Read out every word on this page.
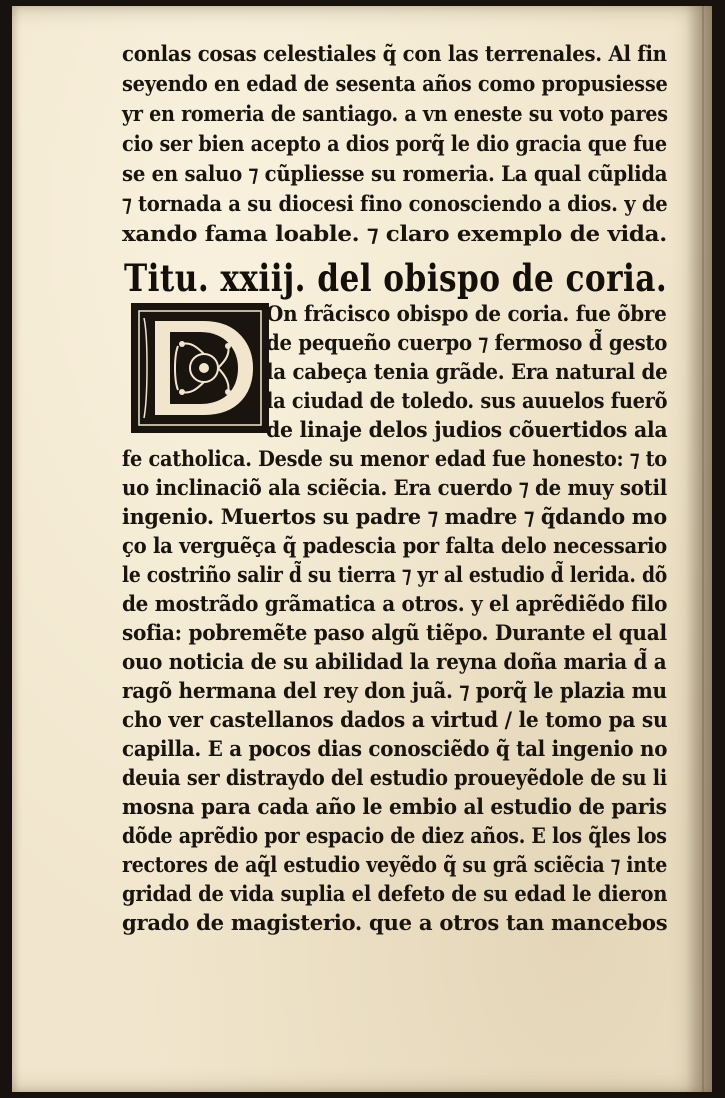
conlas cosas celestiales q̃ con las terrenales. Al fin
seyendo en edad de sesenta años como propusiesse
yr en romeria de santiago. a vn eneste su voto pares
cio ser bien acepto a dios porq̃ le dio gracia que fue
se en saluo ⁊ cũpliesse su romeria. La qual cũplida
⁊ tornada a su diocesi fino conosciendo a dios. y de
xando fama loable. ⁊ claro exemplo de vida.
Titu. xxiij. del obispo de coria.
On frãcisco obispo de coria. fue õbre
de pequeño cuerpo ⁊ fermoso d̃ gesto
la cabeça tenia grãde. Era natural de
la ciudad de toledo. sus auuelos fuerõ
de linaje delos judios cõuertidos ala
fe catholica. Desde su menor edad fue honesto: ⁊ to
uo inclinaciõ ala sciẽcia. Era cuerdo ⁊ de muy sotil
ingenio. Muertos su padre ⁊ madre ⁊ q̃dando mo
ço la verguẽça q̃ padescia por falta delo necessario
le costriño salir d̃ su tierra ⁊ yr al estudio d̃ lerida. dõ
de mostrãdo grãmatica a otros. y el aprẽdiẽdo filo
sofia: pobremẽte paso algũ tiẽpo. Durante el qual
ouo noticia de su abilidad la reyna doña maria d̃ a
ragõ hermana del rey don juã. ⁊ porq̃ le plazia mu
cho ver castellanos dados a virtud / le tomo pa su
capilla. E a pocos dias conosciẽdo q̃ tal ingenio no
deuia ser distraydo del estudio proueyẽdole de su li
mosna para cada año le embio al estudio de paris
dõde aprẽdio por espacio de diez años. E los q̃les los
rectores de aq̃l estudio veyẽdo q̃ su grã sciẽcia ⁊ inte
gridad de vida suplia el defeto de su edad le dieron
grado de magisterio. que a otros tan mancebos
